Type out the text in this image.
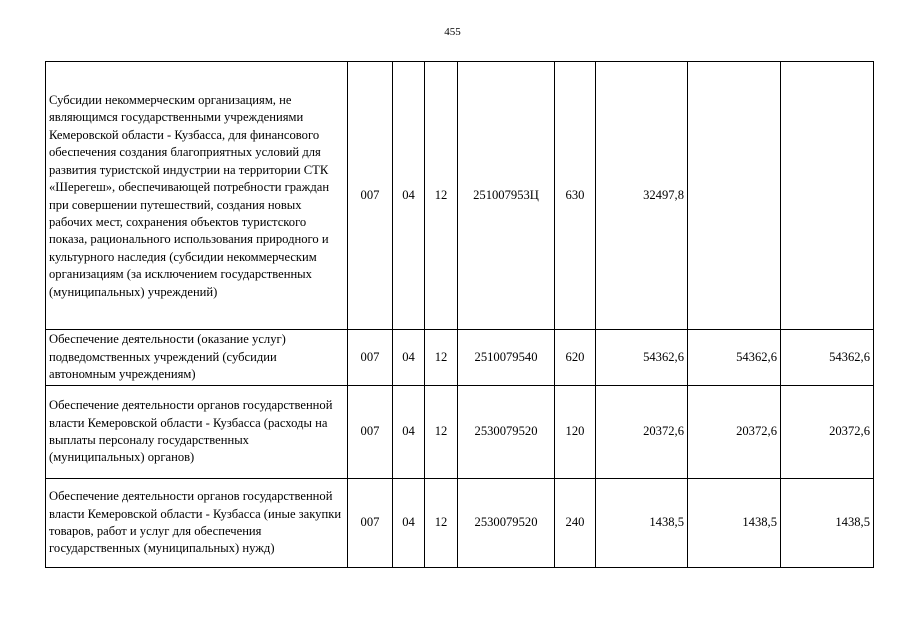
455
Субсидии некоммерческим организациям, не являющимся государственными учреждениями Кемеровской области - Кузбасса, для финансового обеспечения создания благоприятных условий для развития туристской индустрии на территории СТК «Шерегеш», обеспечивающей потребности граждан при совершении путешествий, создания новых рабочих мест, сохранения объектов туристского показа, рационального использования природного и культурного наследия (субсидии некоммерческим организациям (за исключением государственных (муниципальных) учреждений)	007	04	12	251007953Ц	630	32497,8		
Обеспечение деятельности (оказание услуг) подведомственных учреждений (субсидии автономным учреждениям)	007	04	12	2510079540	620	54362,6	54362,6	54362,6
Обеспечение деятельности органов государственной власти Кемеровской области - Кузбасса (расходы на выплаты персоналу государственных (муниципальных) органов)	007	04	12	2530079520	120	20372,6	20372,6	20372,6
Обеспечение деятельности органов государственной власти Кемеровской области - Кузбасса (иные закупки товаров, работ и услуг для обеспечения государственных (муниципальных) нужд)	007	04	12	2530079520	240	1438,5	1438,5	1438,5
